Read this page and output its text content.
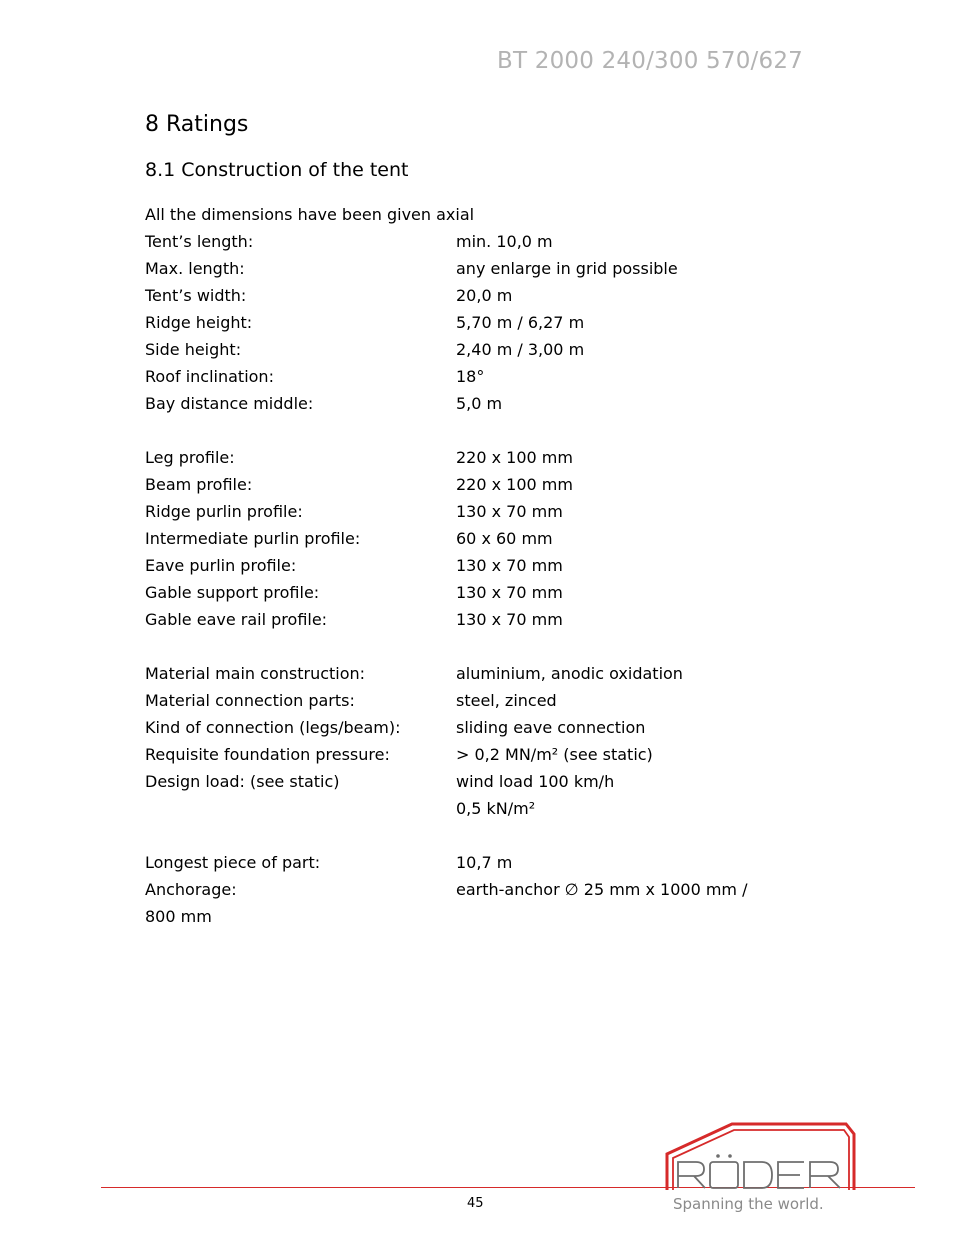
BT 2000 240/300 570/627
8 Ratings
8.1 Construction of the tent
All the dimensions have been given axial
Tent’s length:	min. 10,0 m
Max. length:	any enlarge in grid possible
Tent’s width:	20,0 m
Ridge height:	5,70 m / 6,27 m
Side height:	2,40 m / 3,00 m
Roof inclination:	18°
Bay distance middle:	5,0 m
Leg profile:	220 x 100 mm
Beam profile:	220 x 100 mm
Ridge purlin profile:	130 x 70 mm
Intermediate purlin profile:	60 x 60 mm
Eave purlin profile:	130 x 70 mm
Gable support profile:	130 x 70 mm
Gable eave rail profile:	130 x 70 mm
Material main construction:	aluminium, anodic oxidation
Material connection parts:	steel, zinced
Kind of connection (legs/beam):	sliding eave connection
Requisite foundation pressure:	> 0,2 MN/m² (see static)
Design load: (see static)	wind load 100 km/h
0,5 kN/m²
Longest piece of part:	10,7 m
Anchorage:	earth-anchor ∅ 25 mm x 1000 mm /
800 mm
45	Spanning the world.
